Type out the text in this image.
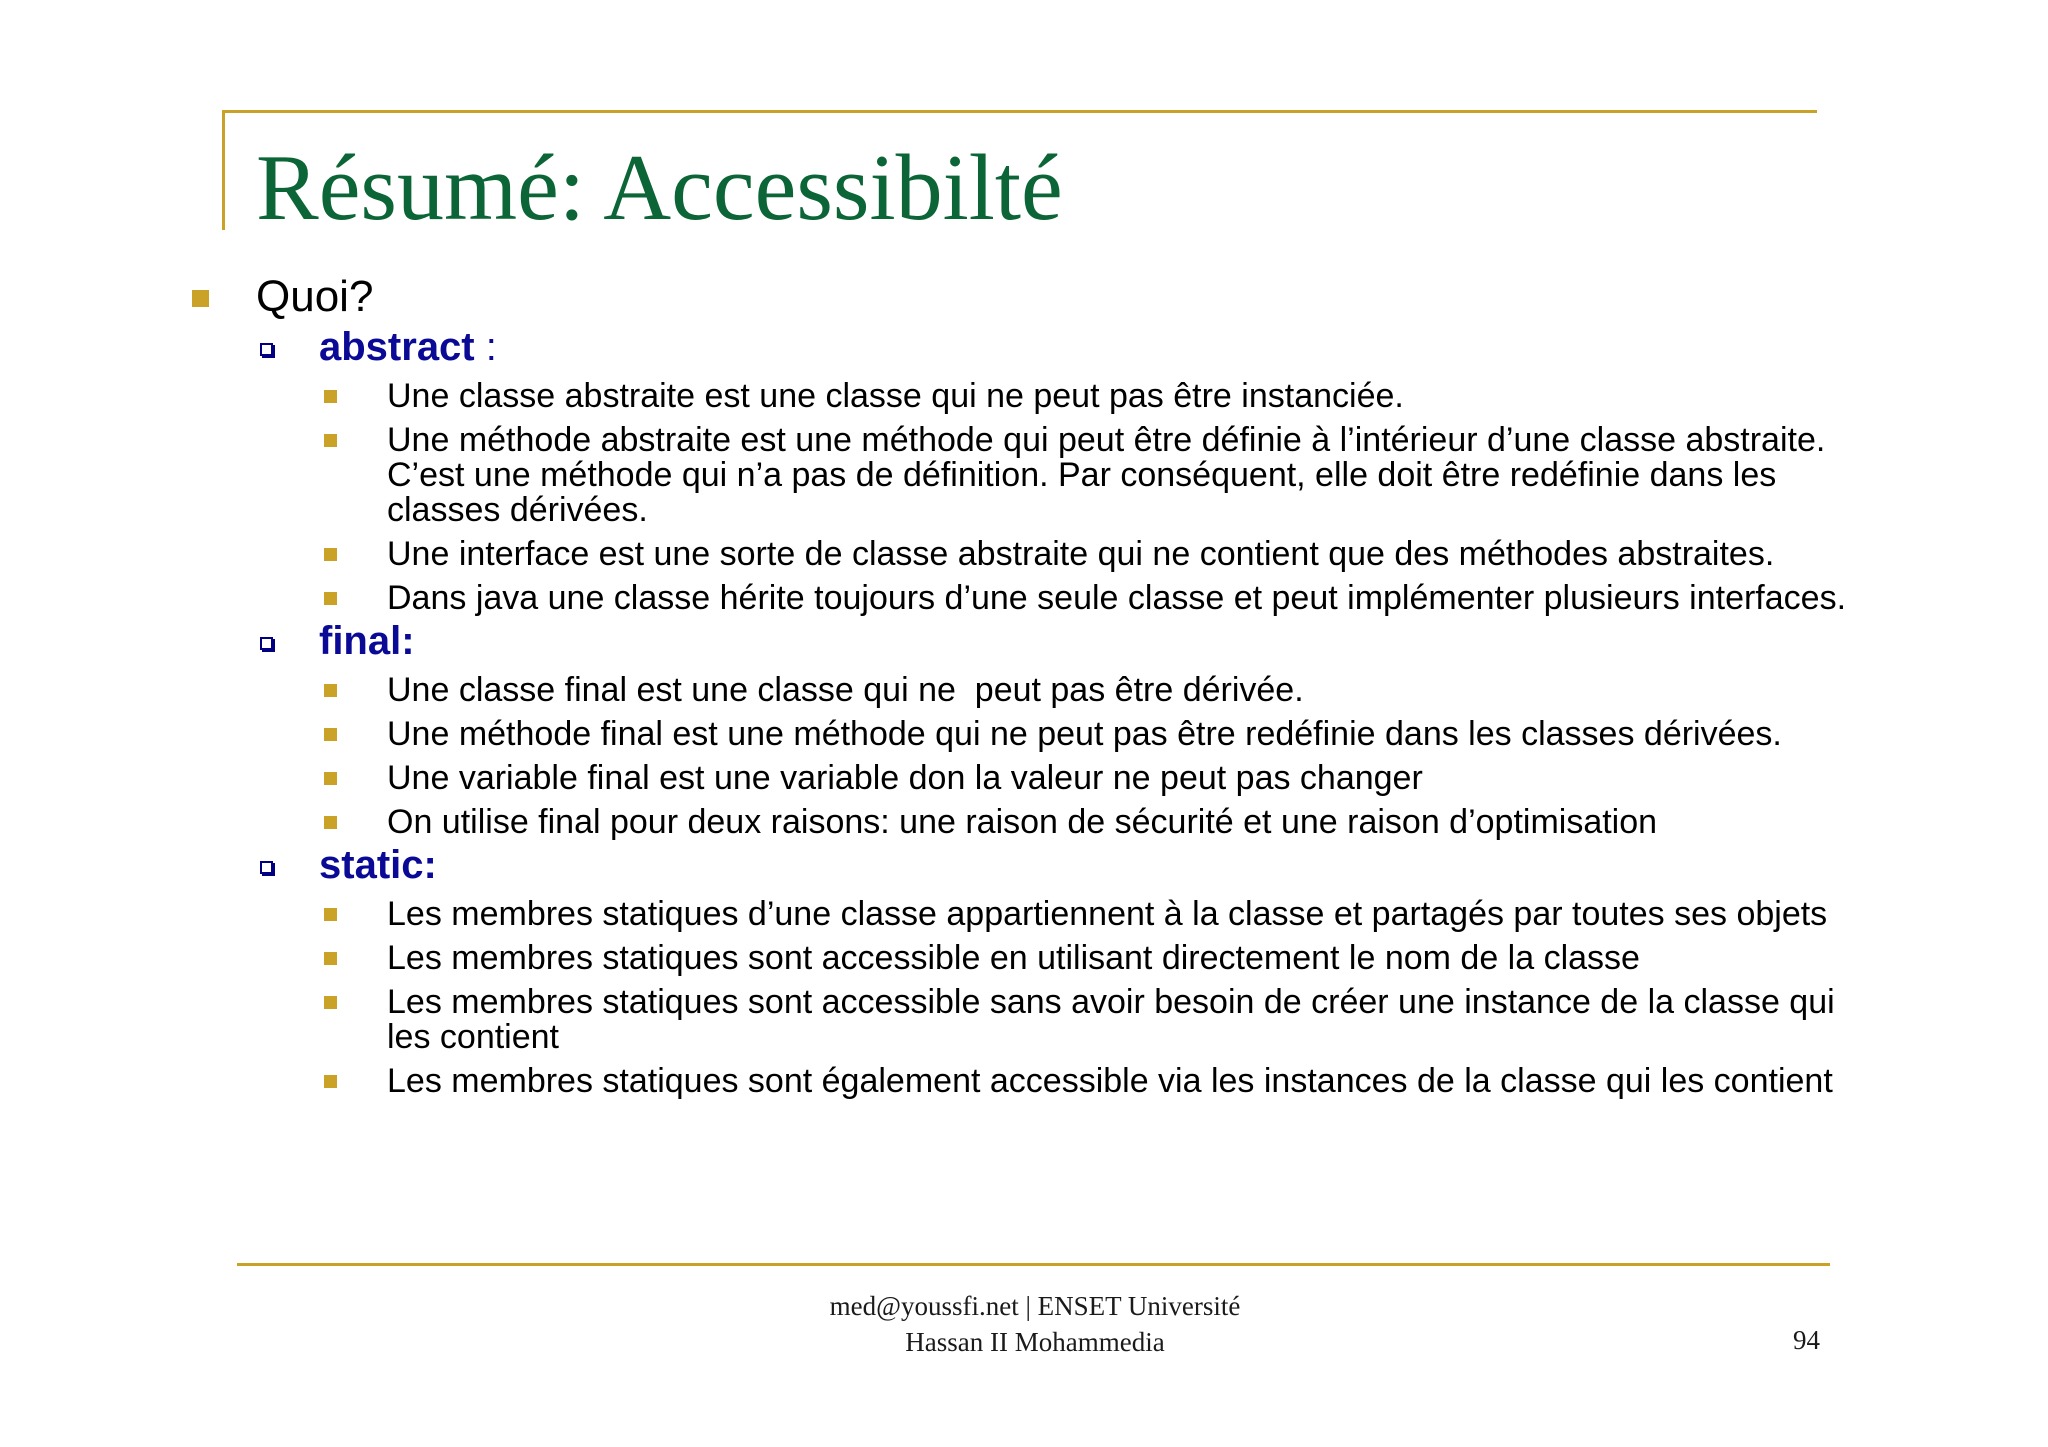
Résumé: Accessibilté
Quoi?
abstract :
Une classe abstraite est une classe qui ne peut pas être instanciée.
Une méthode abstraite est une méthode qui peut être définie à l’intérieur d’une classe abstraite. C’est une méthode qui n’a pas de définition. Par conséquent, elle doit être redéfinie dans les classes dérivées.
Une interface est une sorte de classe abstraite qui ne contient que des méthodes abstraites.
Dans java une classe hérite toujours d’une seule classe et peut implémenter plusieurs interfaces.
final:
Une classe final est une classe qui ne  peut pas être dérivée.
Une méthode final est une méthode qui ne peut pas être redéfinie dans les classes dérivées.
Une variable final est une variable don la valeur ne peut pas changer
On utilise final pour deux raisons: une raison de sécurité et une raison d’optimisation
static:
Les membres statiques d’une classe appartiennent à la classe et partagés par toutes ses objets
Les membres statiques sont accessible en utilisant directement le nom de la classe
Les membres statiques sont accessible sans avoir besoin de créer une instance de la classe qui les contient
Les membres statiques sont également accessible via les instances de la classe qui les contient
med@youssfi.net | ENSET Université
Hassan II Mohammedia	94
